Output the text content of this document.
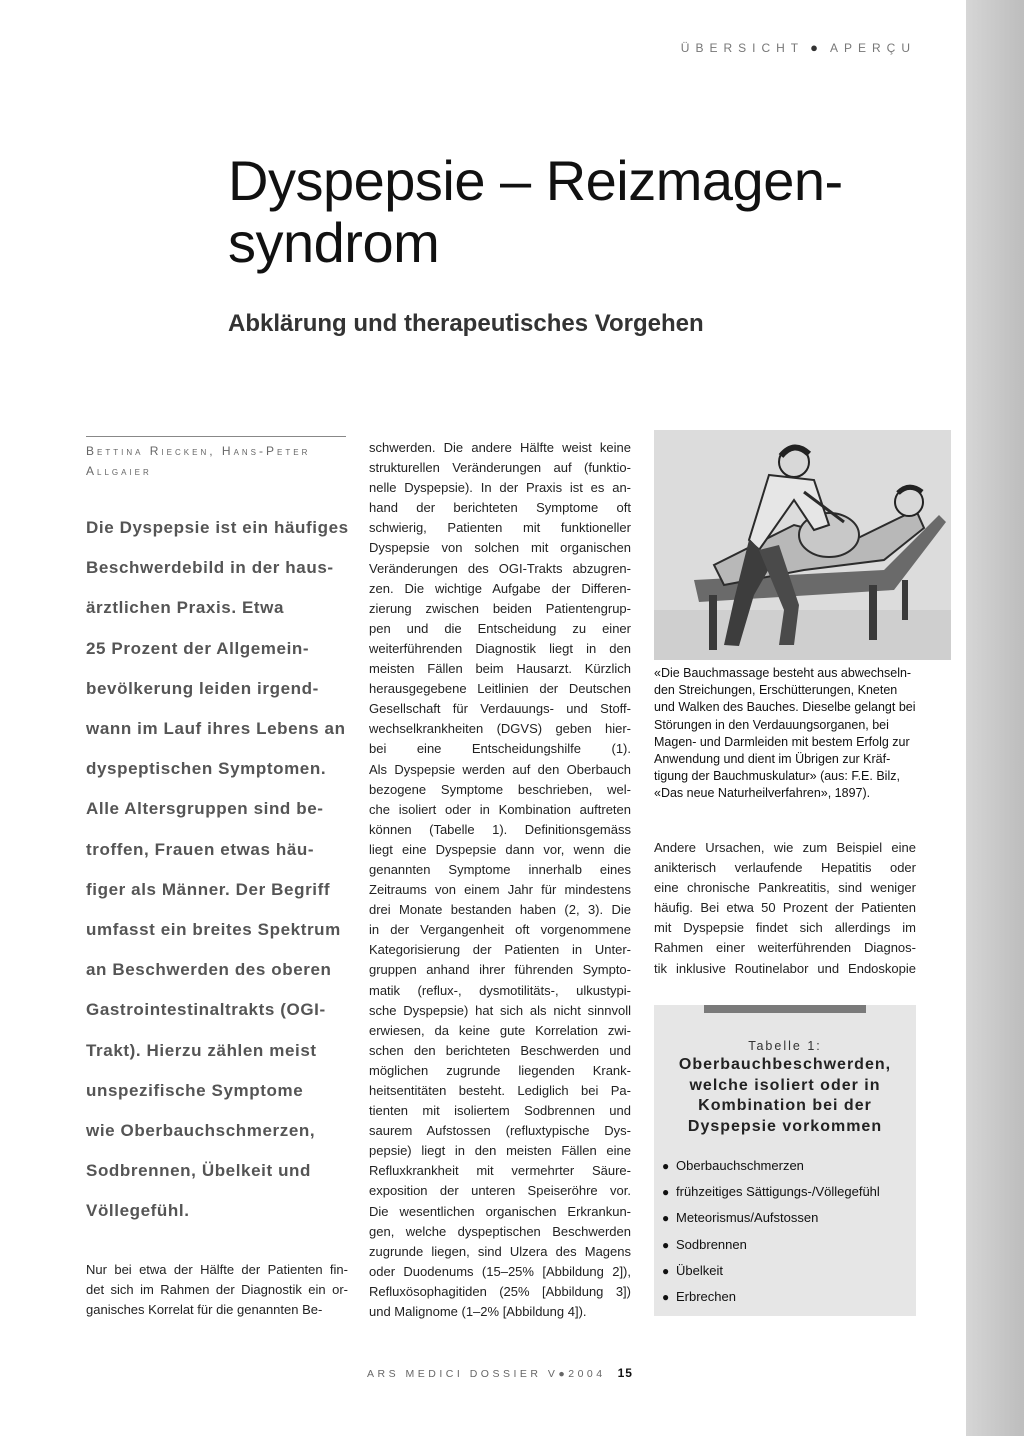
ÜBERSICHT ● APERÇU
Dyspepsie – Reizmagen-
syndrom
Abklärung und therapeutisches Vorgehen
Bettina Riecken, Hans-Peter
Allgaier
Die Dyspepsie ist ein häufiges
Beschwerdebild in der haus-
ärztlichen Praxis. Etwa
25 Prozent der Allgemein-
bevölkerung leiden irgend-
wann im Lauf ihres Lebens an
dyspeptischen Symptomen.
Alle Altersgruppen sind be-
troffen, Frauen etwas häu-
figer als Männer. Der Begriff
umfasst ein breites Spektrum
an Beschwerden des oberen
Gastrointestinaltrakts (OGI-
Trakt). Hierzu zählen meist
unspezifische Symptome
wie Oberbauchschmerzen,
Sodbrennen, Übelkeit und
Völlegefühl.
Nur bei etwa der Hälfte der Patienten fin-
det sich im Rahmen der Diagnostik ein or-
ganisches Korrelat für die genannten Be-
schwerden. Die andere Hälfte weist keine
strukturellen Veränderungen auf (funktio-
nelle Dyspepsie). In der Praxis ist es an-
hand der berichteten Symptome oft
schwierig, Patienten mit funktioneller
Dyspepsie von solchen mit organischen
Veränderungen des OGI-Trakts abzugren-
zen. Die wichtige Aufgabe der Differen-
zierung zwischen beiden Patientengrup-
pen und die Entscheidung zu einer
weiterführenden Diagnostik liegt in den
meisten Fällen beim Hausarzt. Kürzlich
herausgegebene Leitlinien der Deutschen
Gesellschaft für Verdauungs- und Stoff-
wechselkrankheiten (DGVS) geben hier-
bei eine Entscheidungshilfe (1).
Als Dyspepsie werden auf den Oberbauch
bezogene Symptome beschrieben, wel-
che isoliert oder in Kombination auftreten
können (Tabelle 1). Definitionsgemäss
liegt eine Dyspepsie dann vor, wenn die
genannten Symptome innerhalb eines
Zeitraums von einem Jahr für mindestens
drei Monate bestanden haben (2, 3). Die
in der Vergangenheit oft vorgenommene
Kategorisierung der Patienten in Unter-
gruppen anhand ihrer führenden Sympto-
matik (reflux-, dysmotilitäts-, ulkustypi-
sche Dyspepsie) hat sich als nicht sinnvoll
erwiesen, da keine gute Korrelation zwi-
schen den berichteten Beschwerden und
möglichen zugrunde liegenden Krank-
heitsentitäten besteht. Lediglich bei Pa-
tienten mit isoliertem Sodbrennen und
saurem Aufstossen (refluxtypische Dys-
pepsie) liegt in den meisten Fällen eine
Refluxkrankheit mit vermehrter Säure-
exposition der unteren Speiseröhre vor.
Die wesentlichen organischen Erkrankun-
gen, welche dyspeptischen Beschwerden
zugrunde liegen, sind Ulzera des Magens
oder Duodenums (15–25% [Abbildung 2]),
Refluxösophagitiden (25% [Abbildung 3])
und Malignome (1–2% [Abbildung 4]).
«Die Bauchmassage besteht aus abwechseln-
den Streichungen, Erschütterungen, Kneten
und Walken des Bauches. Dieselbe gelangt bei
Störungen in den Verdauungsorganen, bei
Magen- und Darmleiden mit bestem Erfolg zur
Anwendung und dient im Übrigen zur Kräf-
tigung der Bauchmuskulatur» (aus: F.E. Bilz,
«Das neue Naturheilverfahren», 1897).
Andere Ursachen, wie zum Beispiel eine
anikterisch verlaufende Hepatitis oder
eine chronische Pankreatitis, sind weniger
häufig. Bei etwa 50 Prozent der Patienten
mit Dyspepsie findet sich allerdings im
Rahmen einer weiterführenden Diagnos-
tik inklusive Routinelabor und Endoskopie
Tabelle 1:
Oberbauchbeschwerden,
welche isoliert oder in
Kombination bei der
Dyspepsie vorkommen
● Oberbauchschmerzen
● frühzeitiges Sättigungs-/Völlegefühl
● Meteorismus/Aufstossen
● Sodbrennen
● Übelkeit
● Erbrechen
ARS MEDICI DOSSIER V●2004 15
